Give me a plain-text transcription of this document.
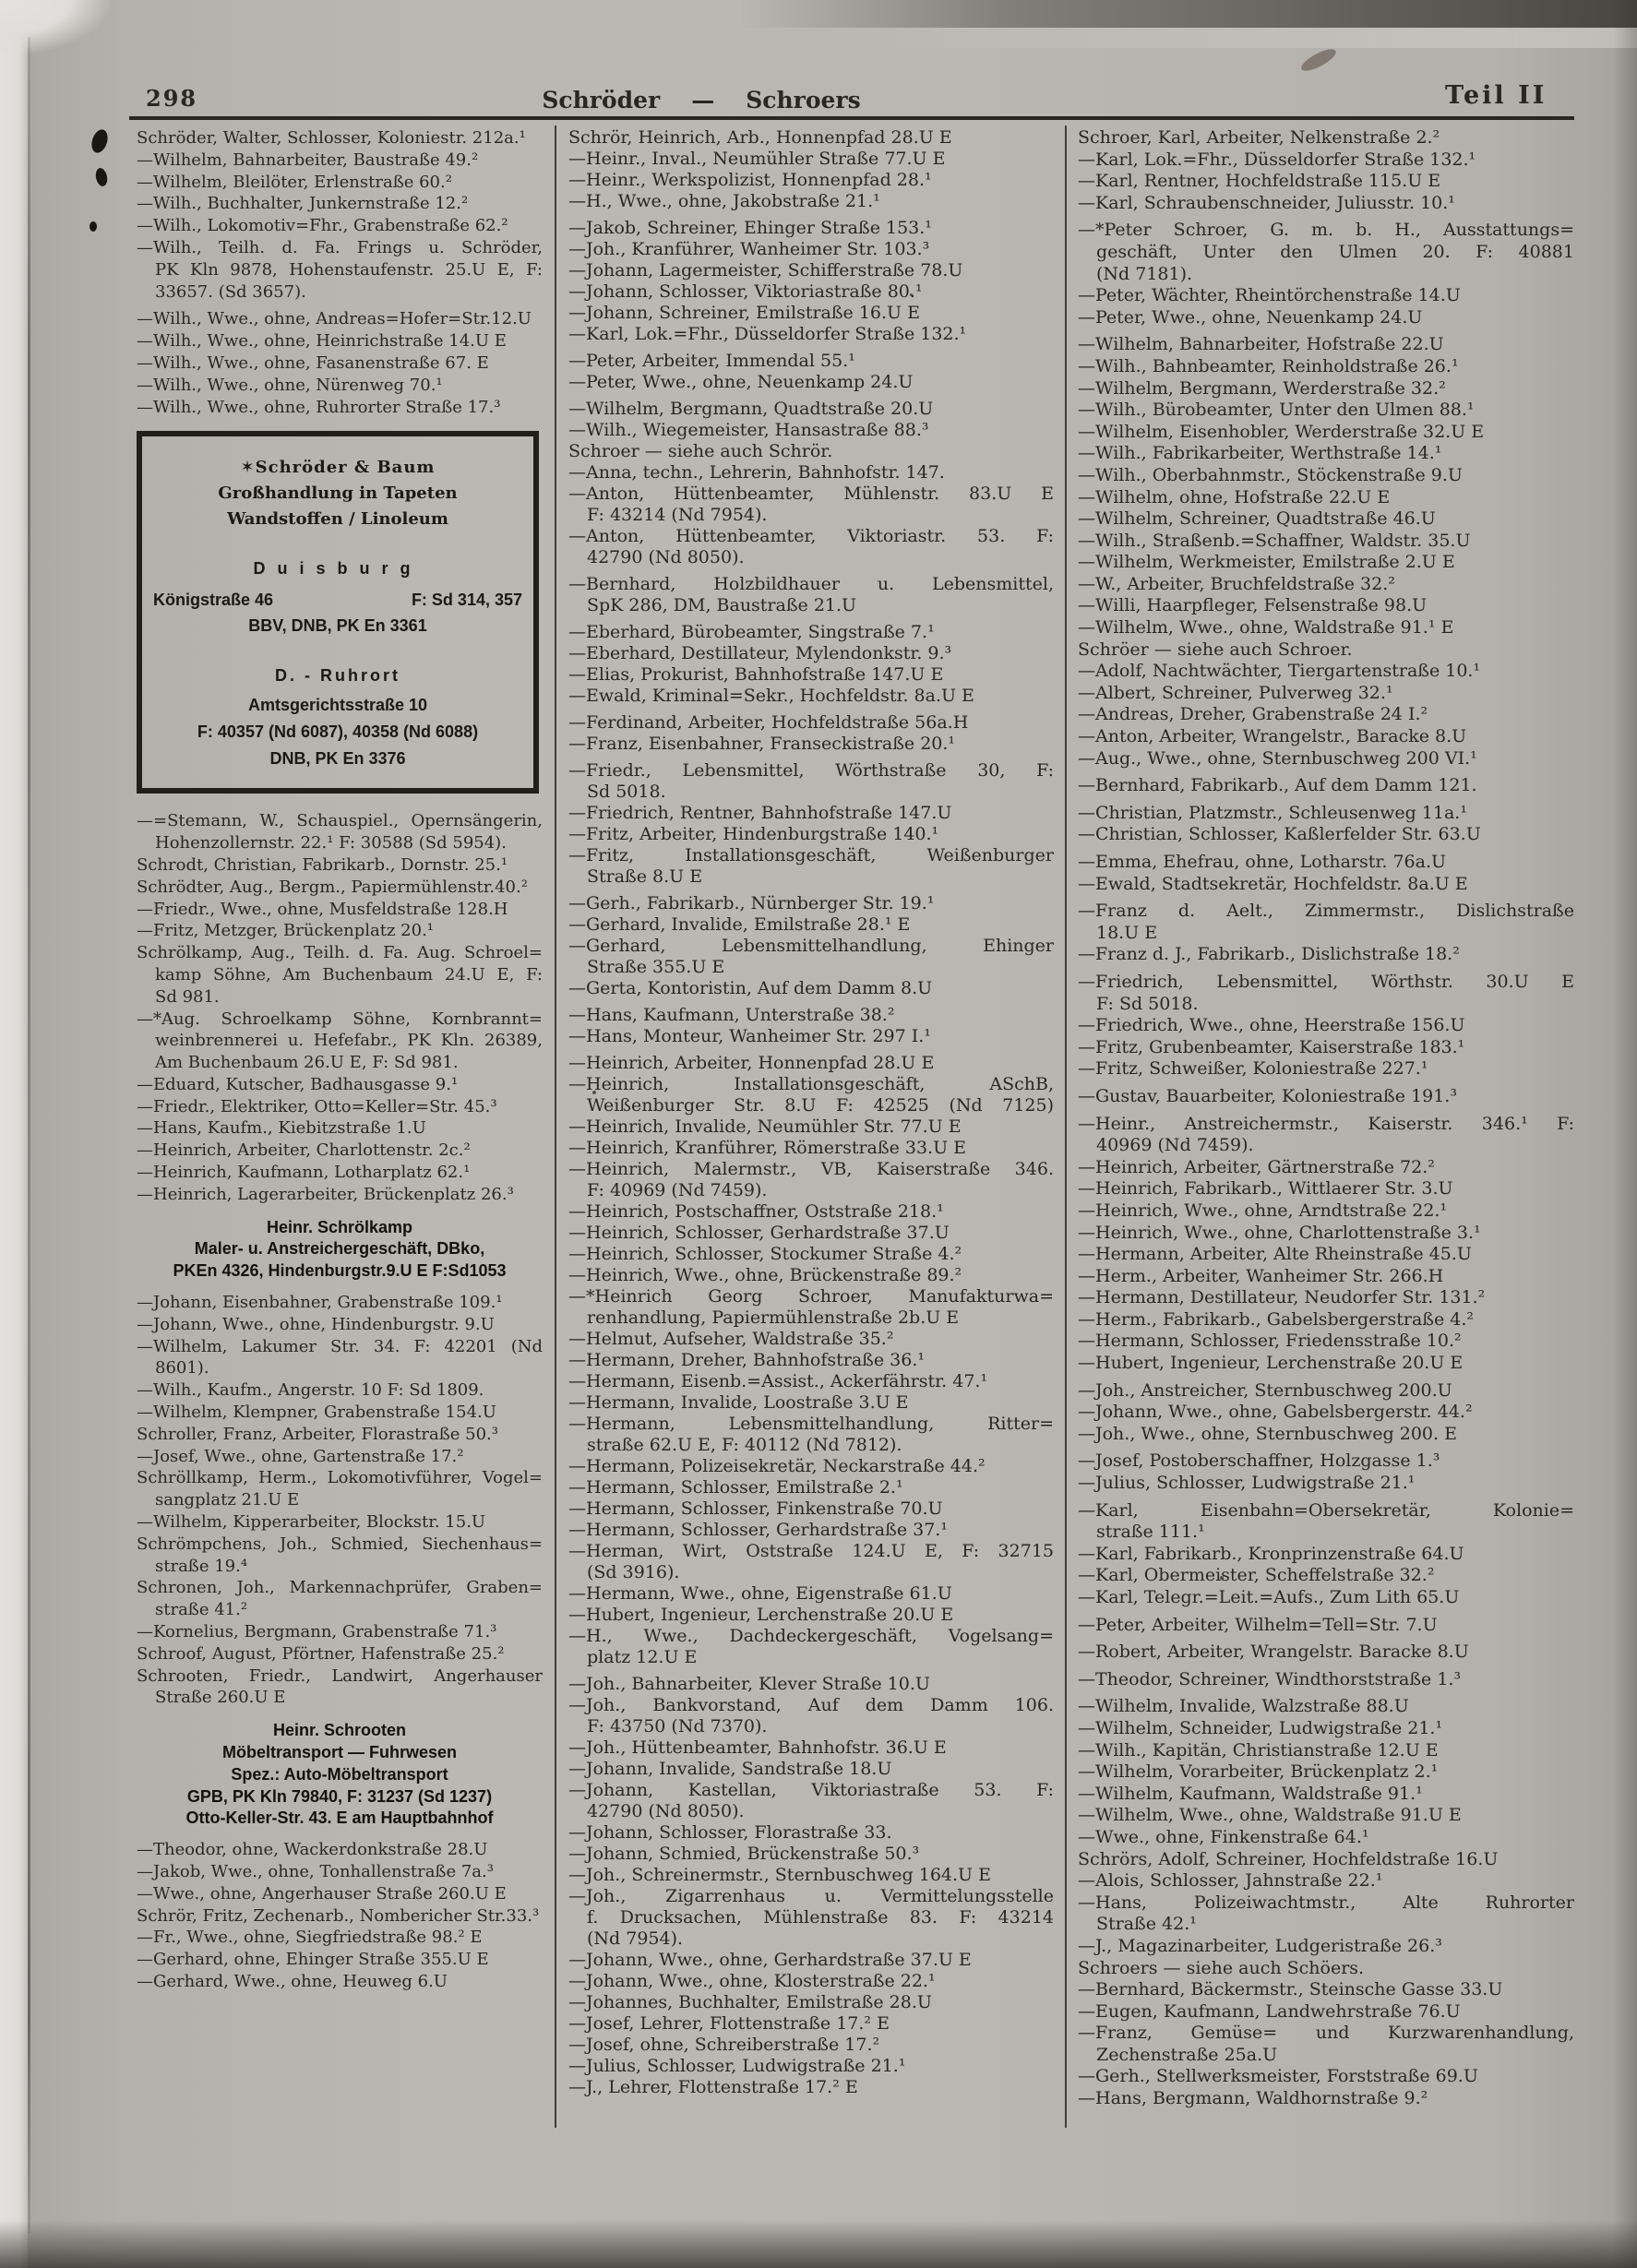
298	Schröder — Schroers	Teil II
Schröder, Walter, Schlosser, Koloniestr. 212a.¹
—Wilhelm, Bahnarbeiter, Baustraße 49.²
—Wilhelm, Bleilöter, Erlenstraße 60.²
—Wilh., Buchhalter, Junkernstraße 12.²
—Wilh., Lokomotiv=Fhr., Grabenstraße 62.²
—Wilh., Teilh. d. Fa. Frings u. Schröder,
PK Kln 9878, Hohenstaufenstr. 25.U E, F:
33657. (Sd 3657).
—Wilh., Wwe., ohne, Andreas=Hofer=Str.12.U
—Wilh., Wwe., ohne, Heinrichstraße 14.U E
—Wilh., Wwe., ohne, Fasanenstraße 67. E
—Wilh., Wwe., ohne, Nürenweg 70.¹
—Wilh., Wwe., ohne, Ruhrorter Straße 17.³
✶Schröder & Baum
Großhandlung in Tapeten
Wandstoffen / Linoleum
Duisburg
Königstraße 46	F: Sd 314, 357
BBV, DNB, PK En 3361
D. - Ruhrort
Amtsgerichtsstraße 10
F: 40357 (Nd 6087), 40358 (Nd 6088)
DNB, PK En 3376
—=Stemann, W., Schauspiel., Opernsängerin,
Hohenzollernstr. 22.¹ F: 30588 (Sd 5954).
Schrodt, Christian, Fabrikarb., Dornstr. 25.¹
Schrödter, Aug., Bergm., Papiermühlenstr.40.²
—Friedr., Wwe., ohne, Musfeldstraße 128.H
—Fritz, Metzger, Brückenplatz 20.¹
Schrölkamp, Aug., Teilh. d. Fa. Aug. Schroel=
kamp Söhne, Am Buchenbaum 24.U E, F:
Sd 981.
—*Aug. Schroelkamp Söhne, Kornbrannt=
weinbrennerei u. Hefefabr., PK Kln. 26389,
Am Buchenbaum 26.U E, F: Sd 981.
—Eduard, Kutscher, Badhausgasse 9.¹
—Friedr., Elektriker, Otto=Keller=Str. 45.³
—Hans, Kaufm., Kiebitzstraße 1.U
—Heinrich, Arbeiter, Charlottenstr. 2c.²
—Heinrich, Kaufmann, Lotharplatz 62.¹
—Heinrich, Lagerarbeiter, Brückenplatz 26.³
Heinr. Schrölkamp
Maler- u. Anstreichergeschäft, DBko,
PKEn 4326, Hindenburgstr.9.U E F:Sd1053
—Johann, Eisenbahner, Grabenstraße 109.¹
—Johann, Wwe., ohne, Hindenburgstr. 9.U
—Wilhelm, Lakumer Str. 34. F: 42201 (Nd
8601).
—Wilh., Kaufm., Angerstr. 10 F: Sd 1809.
—Wilhelm, Klempner, Grabenstraße 154.U
Schroller, Franz, Arbeiter, Florastraße 50.³
—Josef, Wwe., ohne, Gartenstraße 17.²
Schröllkamp, Herm., Lokomotivführer, Vogel=
sangplatz 21.U E
—Wilhelm, Kipperarbeiter, Blockstr. 15.U
Schrömpchens, Joh., Schmied, Siechenhaus=
straße 19.⁴
Schronen, Joh., Markennachprüfer, Graben=
straße 41.²
—Kornelius, Bergmann, Grabenstraße 71.³
Schroof, August, Pförtner, Hafenstraße 25.²
Schrooten, Friedr., Landwirt, Angerhauser
Straße 260.U E
Heinr. Schrooten
Möbeltransport — Fuhrwesen
Spez.: Auto-Möbeltransport
GPB, PK Kln 79840, F: 31237 (Sd 1237)
Otto-Keller-Str. 43. E am Hauptbahnhof
—Theodor, ohne, Wackerdonkstraße 28.U
—Jakob, Wwe., ohne, Tonhallenstraße 7a.³
—Wwe., ohne, Angerhauser Straße 260.U E
Schrör, Fritz, Zechenarb., Nombericher Str.33.³
—Fr., Wwe., ohne, Siegfriedstraße 98.² E
—Gerhard, ohne, Ehinger Straße 355.U E
—Gerhard, Wwe., ohne, Heuweg 6.U
Schrör, Heinrich, Arb., Honnenpfad 28.U E
—Heinr., Inval., Neumühler Straße 77.U E
—Heinr., Werkspolizist, Honnenpfad 28.¹
—H., Wwe., ohne, Jakobstraße 21.¹
—Jakob, Schreiner, Ehinger Straße 153.¹
—Joh., Kranführer, Wanheimer Str. 103.³
—Johann, Lagermeister, Schifferstraße 78.U
—Johann, Schlosser, Viktoriastraße 80.¹
—Johann, Schreiner, Emilstraße 16.U E
—Karl, Lok.=Fhr., Düsseldorfer Straße 132.¹
—Peter, Arbeiter, Immendal 55.¹
—Peter, Wwe., ohne, Neuenkamp 24.U
—Wilhelm, Bergmann, Quadtstraße 20.U
—Wilh., Wiegemeister, Hansastraße 88.³
Schroer — siehe auch Schrör.
—Anna, techn., Lehrerin, Bahnhofstr. 147.
—Anton, Hüttenbeamter, Mühlenstr. 83.U E
F: 43214 (Nd 7954).
—Anton, Hüttenbeamter, Viktoriastr. 53. F:
42790 (Nd 8050).
—Bernhard, Holzbildhauer u. Lebensmittel,
SpK 286, DM, Baustraße 21.U
—Eberhard, Bürobeamter, Singstraße 7.¹
—Eberhard, Destillateur, Mylendonkstr. 9.³
—Elias, Prokurist, Bahnhofstraße 147.U E
—Ewald, Kriminal=Sekr., Hochfeldstr. 8a.U E
—Ferdinand, Arbeiter, Hochfeldstraße 56a.H
—Franz, Eisenbahner, Franseckistraße 20.¹
—Friedr., Lebensmittel, Wörthstraße 30, F:
Sd 5018.
—Friedrich, Rentner, Bahnhofstraße 147.U
—Fritz, Arbeiter, Hindenburgstraße 140.¹
—Fritz, Installationsgeschäft, Weißenburger
Straße 8.U E
—Gerh., Fabrikarb., Nürnberger Str. 19.¹
—Gerhard, Invalide, Emilstraße 28.¹ E
—Gerhard, Lebensmittelhandlung, Ehinger
Straße 355.U E
—Gerta, Kontoristin, Auf dem Damm 8.U
—Hans, Kaufmann, Unterstraße 38.²
—Hans, Monteur, Wanheimer Str. 297 I.¹
—Heinrich, Arbeiter, Honnenpfad 28.U E
—Heinrich, Installationsgeschäft, ASchB,
Weißenburger Str. 8.U F: 42525 (Nd 7125)
—Heinrich, Invalide, Neumühler Str. 77.U E
—Heinrich, Kranführer, Römerstraße 33.U E
—Heinrich, Malermstr., VB, Kaiserstraße 346.
F: 40969 (Nd 7459).
—Heinrich, Postschaffner, Oststraße 218.¹
—Heinrich, Schlosser, Gerhardstraße 37.U
—Heinrich, Schlosser, Stockumer Straße 4.²
—Heinrich, Wwe., ohne, Brückenstraße 89.²
—*Heinrich Georg Schroer, Manufakturwa=
renhandlung, Papiermühlenstraße 2b.U E
—Helmut, Aufseher, Waldstraße 35.²
—Hermann, Dreher, Bahnhofstraße 36.¹
—Hermann, Eisenb.=Assist., Ackerfährstr. 47.¹
—Hermann, Invalide, Loostraße 3.U E
—Hermann, Lebensmittelhandlung, Ritter=
straße 62.U E, F: 40112 (Nd 7812).
—Hermann, Polizeisekretär, Neckarstraße 44.²
—Hermann, Schlosser, Emilstraße 2.¹
—Hermann, Schlosser, Finkenstraße 70.U
—Hermann, Schlosser, Gerhardstraße 37.¹
—Herman, Wirt, Oststraße 124.U E, F: 32715
(Sd 3916).
—Hermann, Wwe., ohne, Eigenstraße 61.U
—Hubert, Ingenieur, Lerchenstraße 20.U E
—H., Wwe., Dachdeckergeschäft, Vogelsang=
platz 12.U E
—Joh., Bahnarbeiter, Klever Straße 10.U
—Joh., Bankvorstand, Auf dem Damm 106.
F: 43750 (Nd 7370).
—Joh., Hüttenbeamter, Bahnhofstr. 36.U E
—Johann, Invalide, Sandstraße 18.U
—Johann, Kastellan, Viktoriastraße 53. F:
42790 (Nd 8050).
—Johann, Schlosser, Florastraße 33.
—Johann, Schmied, Brückenstraße 50.³
—Joh., Schreinermstr., Sternbuschweg 164.U E
—Joh., Zigarrenhaus u. Vermittelungsstelle
f. Drucksachen, Mühlenstraße 83. F: 43214
(Nd 7954).
—Johann, Wwe., ohne, Gerhardstraße 37.U E
—Johann, Wwe., ohne, Klosterstraße 22.¹
—Johannes, Buchhalter, Emilstraße 28.U
—Josef, Lehrer, Flottenstraße 17.² E
—Josef, ohne, Schreiberstraße 17.²
—Julius, Schlosser, Ludwigstraße 21.¹
—J., Lehrer, Flottenstraße 17.² E
Schroer, Karl, Arbeiter, Nelkenstraße 2.²
—Karl, Lok.=Fhr., Düsseldorfer Straße 132.¹
—Karl, Rentner, Hochfeldstraße 115.U E
—Karl, Schraubenschneider, Juliusstr. 10.¹
—*Peter Schroer, G. m. b. H., Ausstattungs=
geschäft, Unter den Ulmen 20. F: 40881
(Nd 7181).
—Peter, Wächter, Rheintörchenstraße 14.U
—Peter, Wwe., ohne, Neuenkamp 24.U
—Wilhelm, Bahnarbeiter, Hofstraße 22.U
—Wilh., Bahnbeamter, Reinholdstraße 26.¹
—Wilhelm, Bergmann, Werderstraße 32.²
—Wilh., Bürobeamter, Unter den Ulmen 88.¹
—Wilhelm, Eisenhobler, Werderstraße 32.U E
—Wilh., Fabrikarbeiter, Werthstraße 14.¹
—Wilh., Oberbahnmstr., Stöckenstraße 9.U
—Wilhelm, ohne, Hofstraße 22.U E
—Wilhelm, Schreiner, Quadtstraße 46.U
—Wilh., Straßenb.=Schaffner, Waldstr. 35.U
—Wilhelm, Werkmeister, Emilstraße 2.U E
—W., Arbeiter, Bruchfeldstraße 32.²
—Willi, Haarpfleger, Felsenstraße 98.U
—Wilhelm, Wwe., ohne, Waldstraße 91.¹ E
Schröer — siehe auch Schroer.
—Adolf, Nachtwächter, Tiergartenstraße 10.¹
—Albert, Schreiner, Pulverweg 32.¹
—Andreas, Dreher, Grabenstraße 24 I.²
—Anton, Arbeiter, Wrangelstr., Baracke 8.U
—Aug., Wwe., ohne, Sternbuschweg 200 VI.¹
—Bernhard, Fabrikarb., Auf dem Damm 121.
—Christian, Platzmstr., Schleusenweg 11a.¹
—Christian, Schlosser, Kaßlerfelder Str. 63.U
—Emma, Ehefrau, ohne, Lotharstr. 76a.U
—Ewald, Stadtsekretär, Hochfeldstr. 8a.U E
—Franz d. Aelt., Zimmermstr., Dislichstraße
18.U E
—Franz d. J., Fabrikarb., Dislichstraße 18.²
—Friedrich, Lebensmittel, Wörthstr. 30.U E
F: Sd 5018.
—Friedrich, Wwe., ohne, Heerstraße 156.U
—Fritz, Grubenbeamter, Kaiserstraße 183.¹
—Fritz, Schweißer, Koloniestraße 227.¹
—Gustav, Bauarbeiter, Koloniestraße 191.³
—Heinr., Anstreichermstr., Kaiserstr. 346.¹ F:
40969 (Nd 7459).
—Heinrich, Arbeiter, Gärtnerstraße 72.²
—Heinrich, Fabrikarb., Wittlaerer Str. 3.U
—Heinrich, Wwe., ohne, Arndtstraße 22.¹
—Heinrich, Wwe., ohne, Charlottenstraße 3.¹
—Hermann, Arbeiter, Alte Rheinstraße 45.U
—Herm., Arbeiter, Wanheimer Str. 266.H
—Hermann, Destillateur, Neudorfer Str. 131.²
—Herm., Fabrikarb., Gabelsbergerstraße 4.²
—Hermann, Schlosser, Friedensstraße 10.²
—Hubert, Ingenieur, Lerchenstraße 20.U E
—Joh., Anstreicher, Sternbuschweg 200.U
—Johann, Wwe., ohne, Gabelsbergerstr. 44.²
—Joh., Wwe., ohne, Sternbuschweg 200. E
—Josef, Postoberschaffner, Holzgasse 1.³
—Julius, Schlosser, Ludwigstraße 21.¹
—Karl, Eisenbahn=Obersekretär, Kolonie=
straße 111.¹
—Karl, Fabrikarb., Kronprinzenstraße 64.U
—Karl, Obermeister, Scheffelstraße 32.²
—Karl, Telegr.=Leit.=Aufs., Zum Lith 65.U
—Peter, Arbeiter, Wilhelm=Tell=Str. 7.U
—Robert, Arbeiter, Wrangelstr. Baracke 8.U
—Theodor, Schreiner, Windthorststraße 1.³
—Wilhelm, Invalide, Walzstraße 88.U
—Wilhelm, Schneider, Ludwigstraße 21.¹
—Wilh., Kapitän, Christianstraße 12.U E
—Wilhelm, Vorarbeiter, Brückenplatz 2.¹
—Wilhelm, Kaufmann, Waldstraße 91.¹
—Wilhelm, Wwe., ohne, Waldstraße 91.U E
—Wwe., ohne, Finkenstraße 64.¹
Schrörs, Adolf, Schreiner, Hochfeldstraße 16.U
—Alois, Schlosser, Jahnstraße 22.¹
—Hans, Polizeiwachtmstr., Alte Ruhrorter
Straße 42.¹
—J., Magazinarbeiter, Ludgeristraße 26.³
Schroers — siehe auch Schöers.
—Bernhard, Bäckermstr., Steinsche Gasse 33.U
—Eugen, Kaufmann, Landwehrstraße 76.U
—Franz, Gemüse= und Kurzwarenhandlung,
Zechenstraße 25a.U
—Gerh., Stellwerksmeister, Forststraße 69.U
—Hans, Bergmann, Waldhornstraße 9.²
